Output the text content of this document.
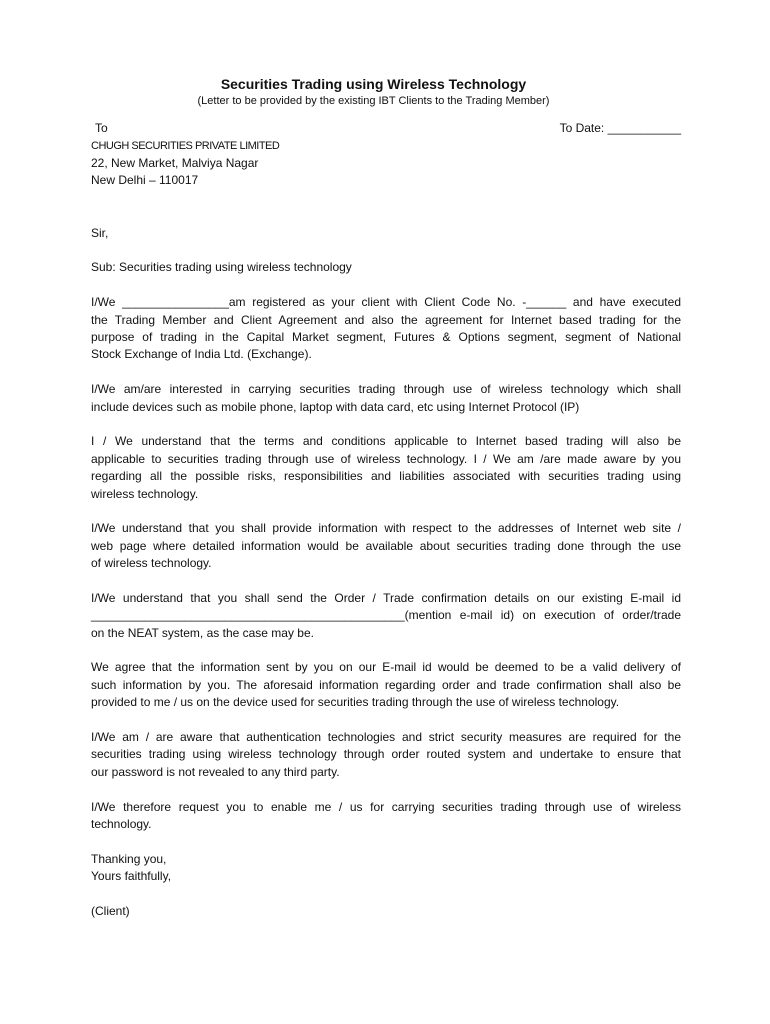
Securities Trading using Wireless Technology
(Letter to be provided by the existing IBT Clients to the Trading Member)
To	To Date: ___________
CHUGH SECURITIES PRIVATE LIMITED
22, New Market, Malviya Nagar
New Delhi – 110017
Sir,
Sub: Securities trading using wireless technology
I/We ________________am registered as your client with Client Code No. -______ and have executed
the Trading Member and Client Agreement and also the agreement for Internet based trading for the
purpose of trading in the Capital Market segment, Futures & Options segment, segment of National
Stock Exchange of India Ltd. (Exchange).
I/We am/are interested in carrying securities trading through use of wireless technology which shall
include devices such as mobile phone, laptop with data card, etc using Internet Protocol (IP)
I / We understand that the terms and conditions applicable to Internet based trading will also be
applicable to securities trading through use of wireless technology. I / We am /are made aware by you
regarding all the possible risks, responsibilities and liabilities associated with securities trading using
wireless technology.
I/We understand that you shall provide information with respect to the addresses of Internet web site /
web page where detailed information would be available about securities trading done through the use
of wireless technology.
I/We understand that you shall send the Order / Trade confirmation details on our existing E-mail id
_______________________________________________(mention e-mail id) on execution of order/trade
on the NEAT system, as the case may be.
We agree that the information sent by you on our E-mail id would be deemed to be a valid delivery of
such information by you. The aforesaid information regarding order and trade confirmation shall also be
provided to me / us on the device used for securities trading through the use of wireless technology.
I/We am / are aware that authentication technologies and strict security measures are required for the
securities trading using wireless technology through order routed system and undertake to ensure that
our password is not revealed to any third party.
I/We therefore request you to enable me / us for carrying securities trading through use of wireless
technology.
Thanking you,
Yours faithfully,
(Client)
